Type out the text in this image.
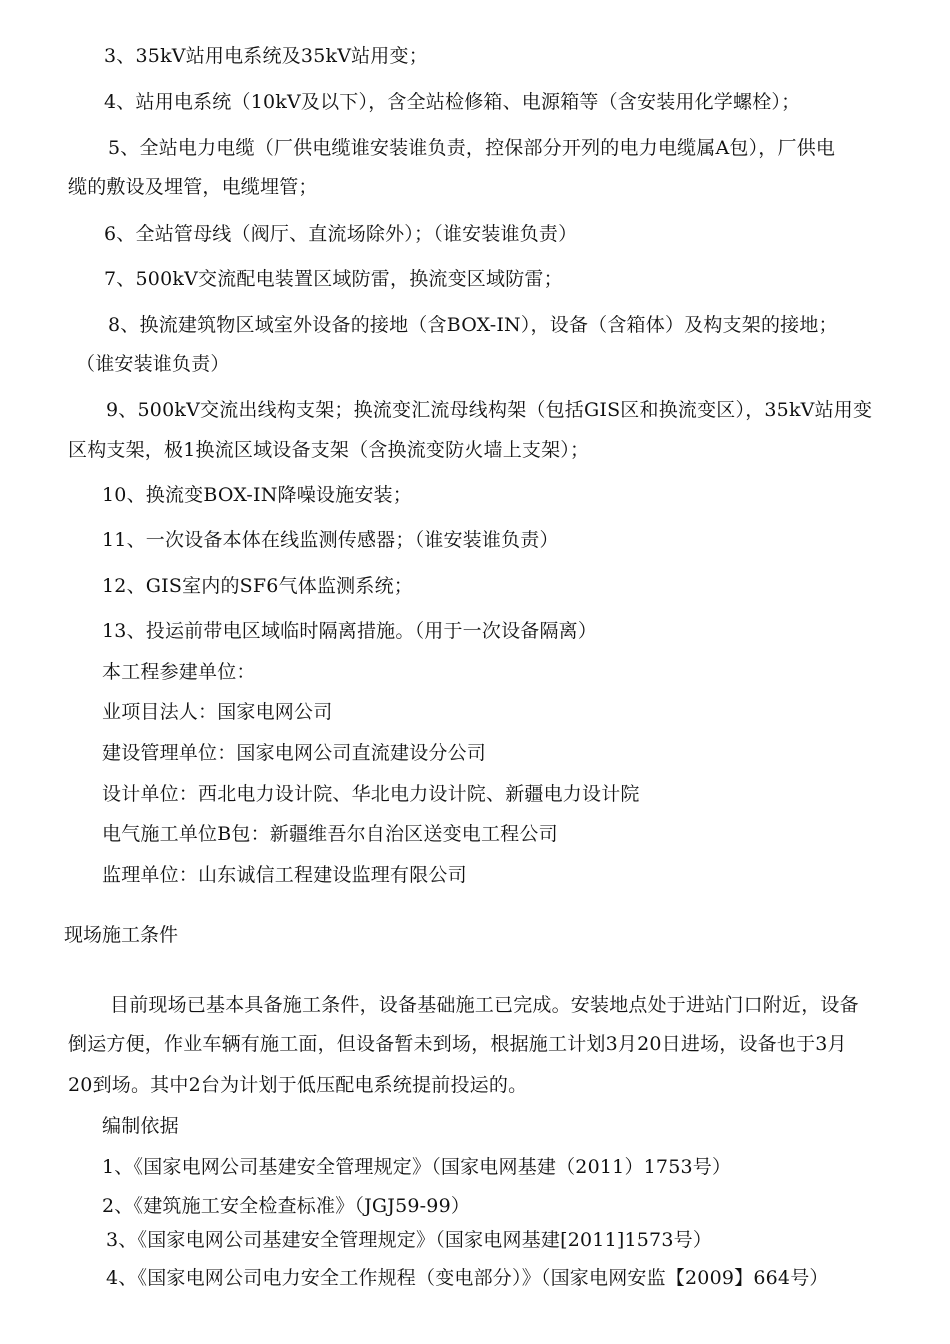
3、35kV站用电系统及35kV站用变；
4、站用电系统（10kV及以下），含全站检修箱、电源箱等（含安装用化学螺栓）；
5、全站电力电缆（厂供电缆谁安装谁负责，控保部分开列的电力电缆属A包），厂供电
缆的敷设及埋管，电缆埋管；
6、全站管母线（阀厅、直流场除外）；（谁安装谁负责）
7、500kV交流配电装置区域防雷，换流变区域防雷；
8、换流建筑物区域室外设备的接地（含BOX-IN），设备（含箱体）及构支架的接地；
（谁安装谁负责）
9、500kV交流出线构支架；换流变汇流母线构架（包括GIS区和换流变区），35kV站用变
区构支架，极1换流区域设备支架（含换流变防火墙上支架）；
10、换流变BOX-IN降噪设施安装；
11、一次设备本体在线监测传感器；（谁安装谁负责）
12、GIS室内的SF6气体监测系统；
13、投运前带电区域临时隔离措施。（用于一次设备隔离）
本工程参建单位：
业项目法人：国家电网公司
建设管理单位：国家电网公司直流建设分公司
设计单位：西北电力设计院、华北电力设计院、新疆电力设计院
电气施工单位B包：新疆维吾尔自治区送变电工程公司
监理单位：山东诚信工程建设监理有限公司
现场施工条件
目前现场已基本具备施工条件，设备基础施工已完成。安装地点处于进站门口附近，设备
倒运方便，作业车辆有施工面，但设备暂未到场，根据施工计划3月20日进场，设备也于3月
20到场。其中2台为计划于低压配电系统提前投运的。
编制依据
1、《国家电网公司基建安全管理规定》（国家电网基建（2011）1753号）
2、《建筑施工安全检查标准》（JGJ59-99）
3、《国家电网公司基建安全管理规定》（国家电网基建[2011]1573号）
4、《国家电网公司电力安全工作规程（变电部分）》（国家电网安监【2009】664号）
